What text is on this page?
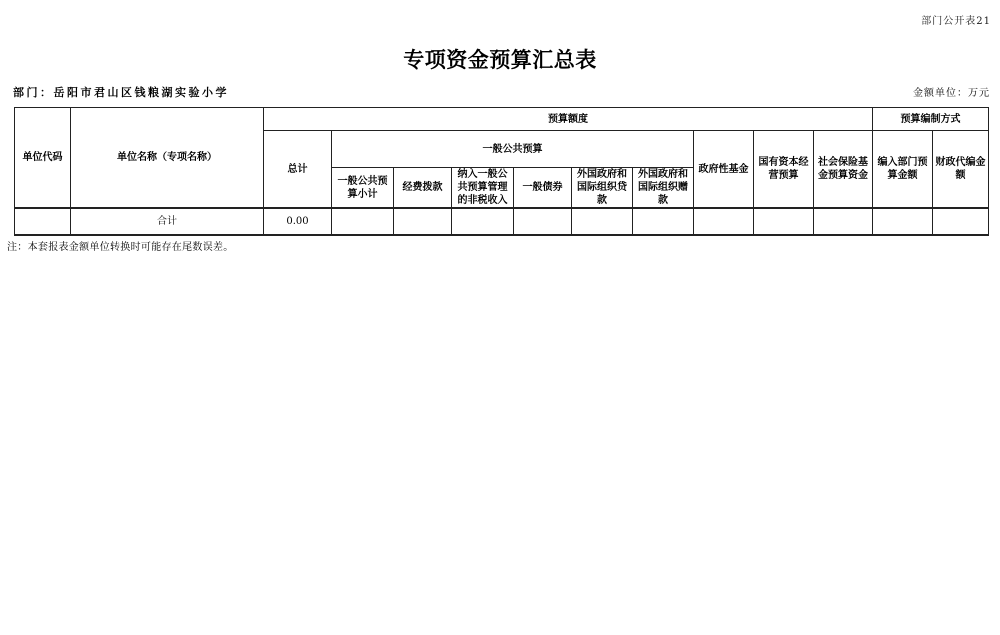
部门公开表21
专项资金预算汇总表
部门：岳阳市君山区钱粮湖实验小学	金额单位：万元
单位代码	单位名称（专项名称）	预算额度										预算编制方式	
		总计	一般公共预算						政府性基金	国有资本经营预算	社会保险基金预算资金	编入部门预算金额	财政代编金额
			一般公共预算小计	经费拨款	纳入一般公共预算管理的非税收入	一般债券	外国政府和国际组织贷款	外国政府和国际组织赠款					
	合计	0.00											
注：本套报表金额单位转换时可能存在尾数误差。
